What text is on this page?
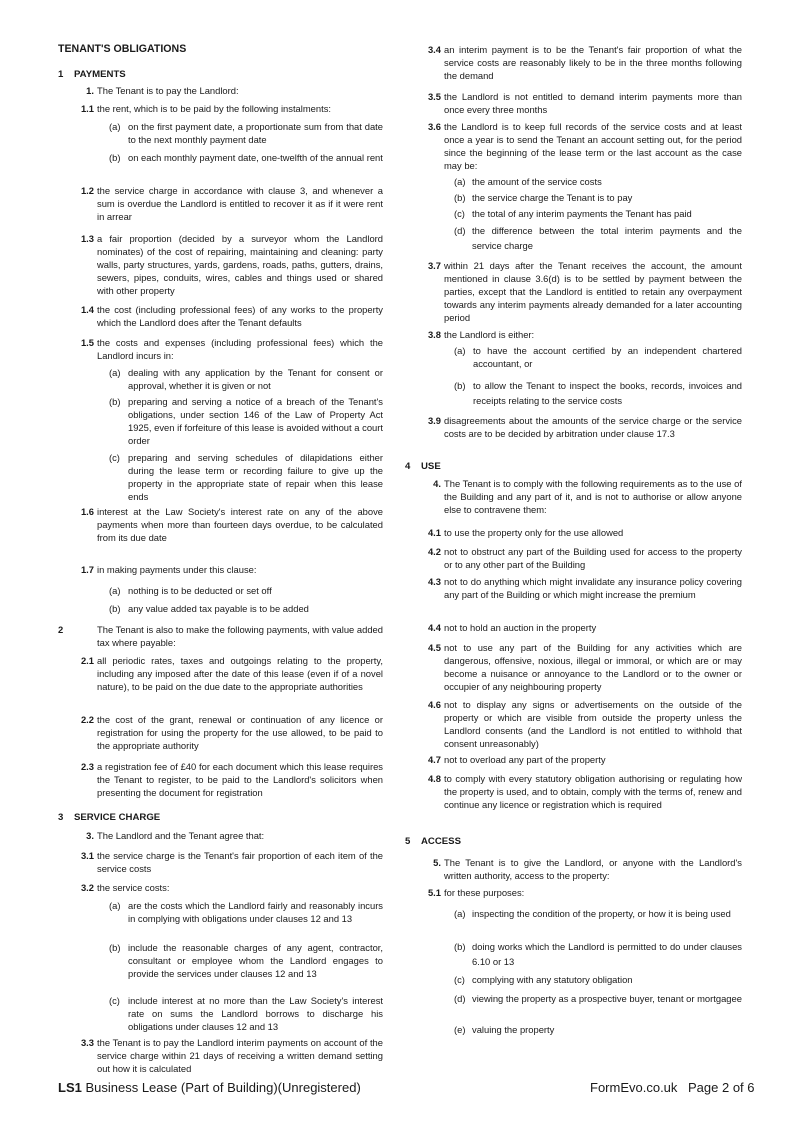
TENANT'S OBLIGATIONS
1 PAYMENTS
1. The Tenant is to pay the Landlord:
1.1 the rent, which is to be paid by the following instalments:
(a) on the first payment date, a proportionate sum from that date to the next monthly payment date
(b) on each monthly payment date, one-twelfth of the annual rent
1.2 the service charge in accordance with clause 3, and whenever a sum is overdue the Landlord is entitled to recover it as if it were rent in arrear
1.3 a fair proportion (decided by a surveyor whom the Landlord nominates) of the cost of repairing, maintaining and cleaning: party walls, party structures, yards, gardens, roads, paths, gutters, drains, sewers, pipes, conduits, wires, cables and things used or shared with other property
1.4 the cost (including professional fees) of any works to the property which the Landlord does after the Tenant defaults
1.5 the costs and expenses (including professional fees) which the Landlord incurs in:
(a) dealing with any application by the Tenant for consent or approval, whether it is given or not
(b) preparing and serving a notice of a breach of the Tenant's obligations, under section 146 of the Law of Property Act 1925, even if forfeiture of this lease is avoided without a court order
(c) preparing and serving schedules of dilapidations either during the lease term or recording failure to give up the property in the appropriate state of repair when this lease ends
1.6 interest at the Law Society's interest rate on any of the above payments when more than fourteen days overdue, to be calculated from its due date
1.7 in making payments under this clause:
(a) nothing is to be deducted or set off
(b) any value added tax payable is to be added
2	The Tenant is also to make the following payments, with value added tax where payable:
2.1 all periodic rates, taxes and outgoings relating to the property, including any imposed after the date of this lease (even if of a novel nature), to be paid on the due date to the appropriate authorities
2.2 the cost of the grant, renewal or continuation of any licence or registration for using the property for the use allowed, to be paid to the appropriate authority
2.3 a registration fee of £40 for each document which this lease requires the Tenant to register, to be paid to the Landlord's solicitors when presenting the document for registration
3 SERVICE CHARGE
3. The Landlord and the Tenant agree that:
3.1 the service charge is the Tenant's fair proportion of each item of the service costs
3.2 the service costs:
(a) are the costs which the Landlord fairly and reasonably incurs in complying with obligations under clauses 12 and 13
(b) include the reasonable charges of any agent, contractor, consultant or employee whom the Landlord engages to provide the services under clauses 12 and 13
(c) include interest at no more than the Law Society's interest rate on sums the Landlord borrows to discharge his obligations under clauses 12 and 13
3.3 the Tenant is to pay the Landlord interim payments on account of the service charge within 21 days of receiving a written demand setting out how it is calculated
3.4 an interim payment is to be the Tenant's fair proportion of what the service costs are reasonably likely to be in the three months following the demand
3.5 the Landlord is not entitled to demand interim payments more than once every three months
3.6 the Landlord is to keep full records of the service costs and at least once a year is to send the Tenant an account setting out, for the period since the beginning of the lease term or the last account as the case may be:
(a) the amount of the service costs
(b) the service charge the Tenant is to pay
(c) the total of any interim payments the Tenant has paid
(d) the difference between the total interim payments and the service charge
3.7 within 21 days after the Tenant receives the account, the amount mentioned in clause 3.6(d) is to be settled by payment between the parties, except that the Landlord is entitled to retain any overpayment towards any interim payments already demanded for a later accounting period
3.8 the Landlord is either:
(a) to have the account certified by an independent chartered accountant, or
(b) to allow the Tenant to inspect the books, records, invoices and receipts relating to the service costs
3.9 disagreements about the amounts of the service charge or the service costs are to be decided by arbitration under clause 17.3
4 USE
4. The Tenant is to comply with the following requirements as to the use of the Building and any part of it, and is not to authorise or allow anyone else to contravene them:
4.1 to use the property only for the use allowed
4.2 not to obstruct any part of the Building used for access to the property or to any other part of the Building
4.3 not to do anything which might invalidate any insurance policy covering any part of the Building or which might increase the premium
4.4 not to hold an auction in the property
4.5 not to use any part of the Building for any activities which are dangerous, offensive, noxious, illegal or immoral, or which are or may become a nuisance or annoyance to the Landlord or to the owner or occupier of any neighbouring property
4.6 not to display any signs or advertisements on the outside of the property or which are visible from outside the property unless the Landlord consents (and the Landlord is not entitled to withhold that consent unreasonably)
4.7 not to overload any part of the property
4.8 to comply with every statutory obligation authorising or regulating how the property is used, and to obtain, comply with the terms of, renew and continue any licence or registration which is required
5 ACCESS
5. The Tenant is to give the Landlord, or anyone with the Landlord's written authority, access to the property:
5.1 for these purposes:
(a) inspecting the condition of the property, or how it is being used
(b) doing works which the Landlord is permitted to do under clauses 6.10 or 13
(c) complying with any statutory obligation
(d) viewing the property as a prospective buyer, tenant or mortgagee
(e) valuing the property
LS1 Business Lease (Part of Building)(Unregistered)	FormEvo.co.uk Page 2 of 6
